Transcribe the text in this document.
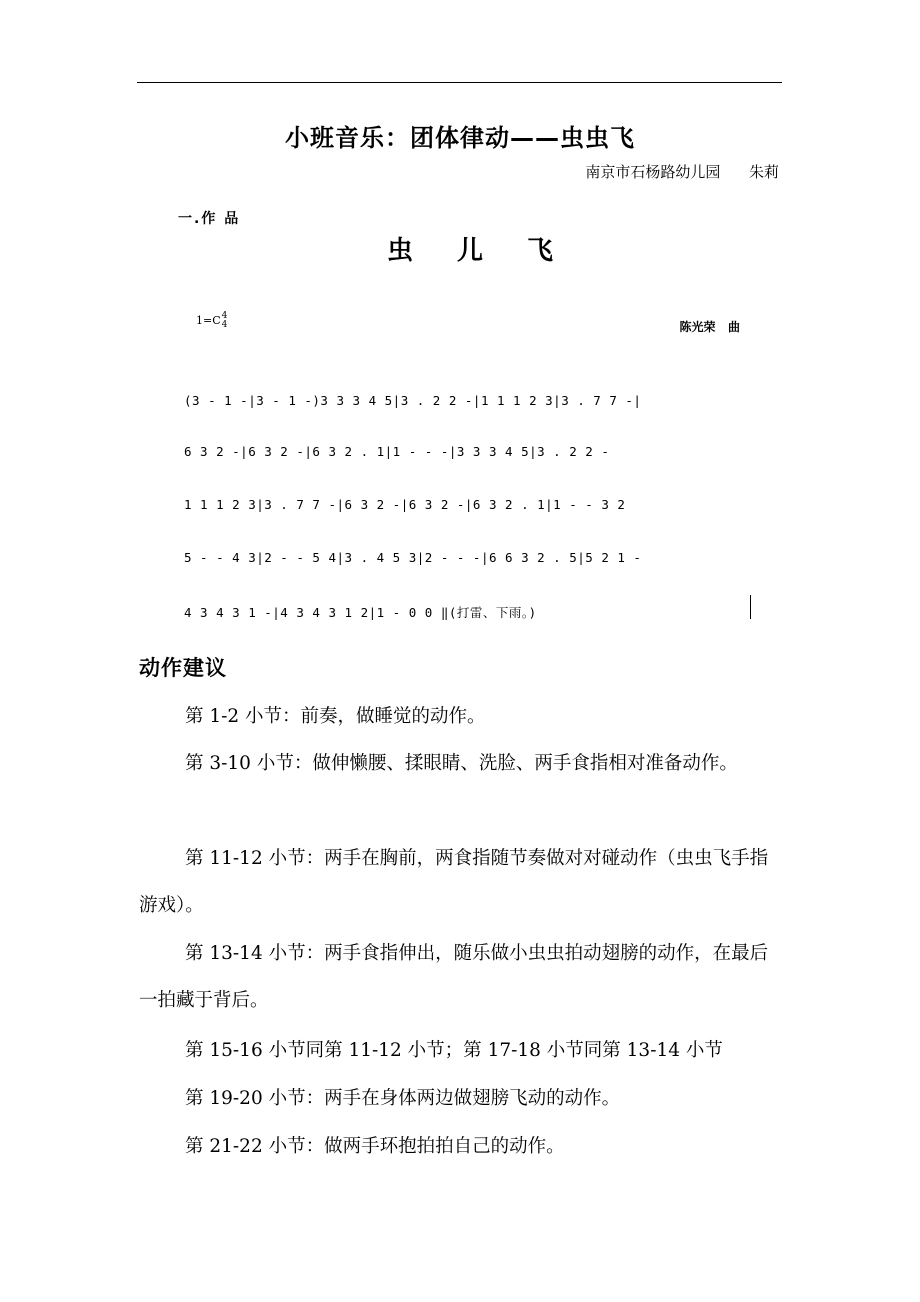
小班音乐：团体律动——虫虫飞
南京市石杨路幼儿园      朱莉
一.作 品
虫儿飞
1=C4
4	陈光荣   曲
(3 - 1 -|3 - 1 -)3 3 3 4 5|3 . 2 2 -|1 1 1 2 3|3 . 7 7 -|
6 3 2 -|6 3 2 -|6 3 2 . 1|1 - - -|3 3 3 4 5|3 . 2 2 -
1 1 1 2 3|3 . 7 7 -|6 3 2 -|6 3 2 -|6 3 2 . 1|1 - - 3 2
5 - - 4 3|2 - - 5 4|3 . 4 5 3|2 - - -|6 6 3 2 . 5|5 2 1 -
4 3 4 3 1 -|4 3 4 3 1 2|1 - 0 0 ‖(打雷、下雨。)
动作建议
第 1-2 小节：前奏，做睡觉的动作。
第 3-10 小节：做伸懒腰、揉眼睛、洗脸、两手食指相对准备动作。
第 11-12 小节：两手在胸前，两食指随节奏做对对碰动作（虫虫飞手指游戏）。
第 13-14 小节：两手食指伸出，随乐做小虫虫拍动翅膀的动作，在最后一拍藏于背后。
第 15-16 小节同第 11-12 小节；第 17-18 小节同第 13-14 小节
第 19-20 小节：两手在身体两边做翅膀飞动的动作。
第 21-22 小节：做两手环抱拍拍自己的动作。
